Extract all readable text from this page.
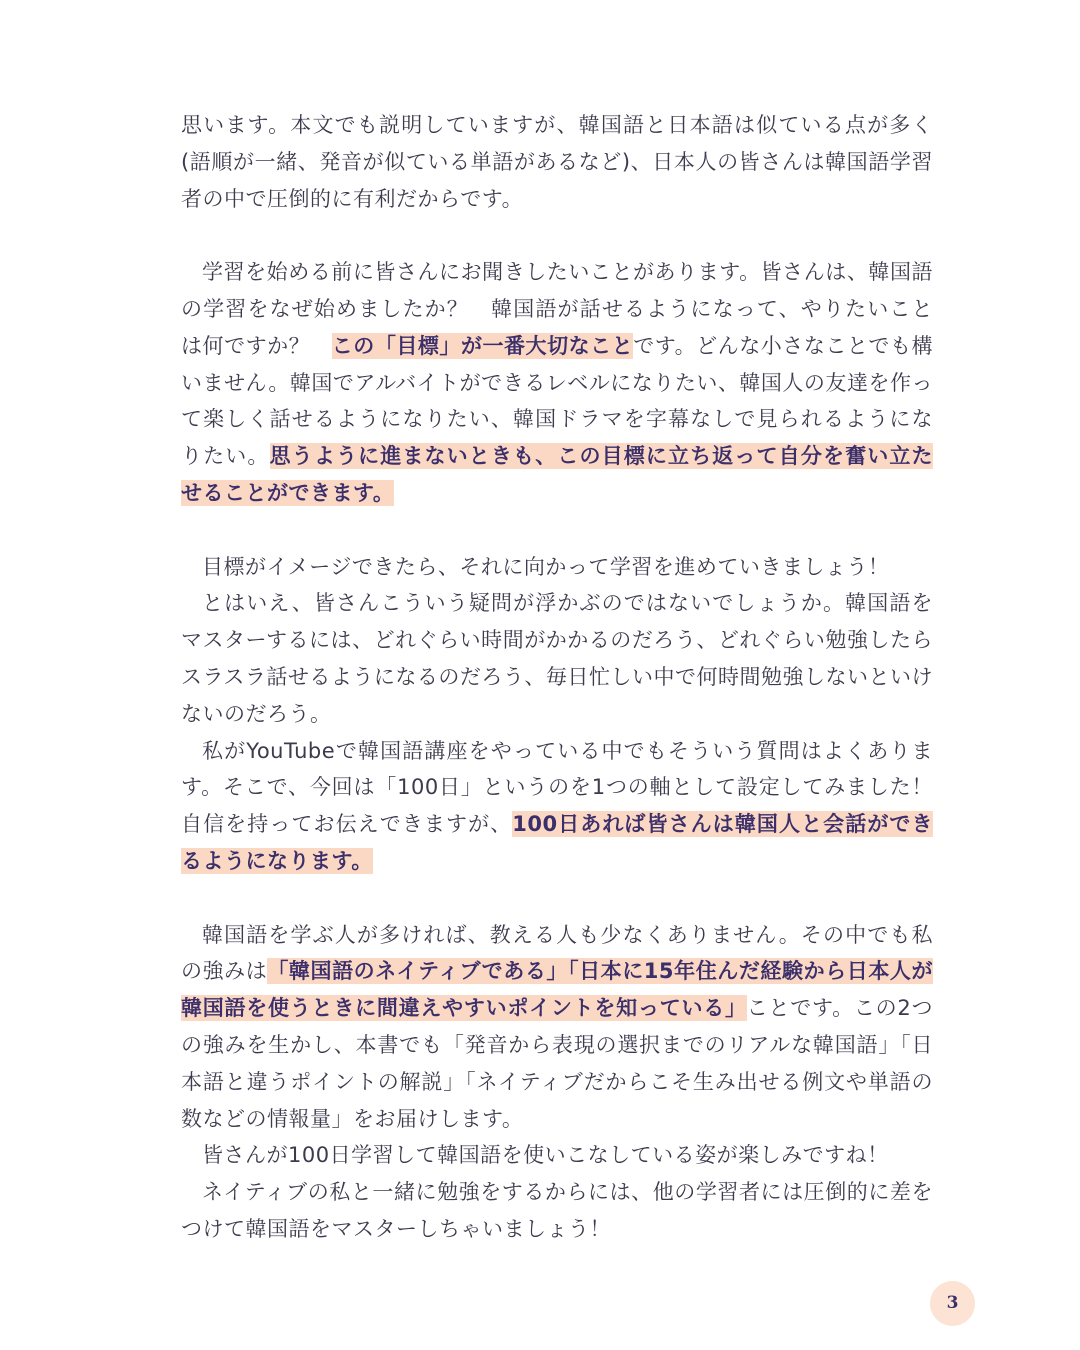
思います。本文でも説明していますが、韓国語と日本語は似ている点が多く(語順が一緒、発音が似ている単語があるなど)、日本人の皆さんは韓国語学習者の中で圧倒的に有利だからです。

学習を始める前に皆さんにお聞きしたいことがあります。皆さんは、韓国語の学習をなぜ始めましたか？　韓国語が話せるようになって、やりたいことは何ですか？　この「目標」が一番大切なことです。どんな小さなことでも構いません。韓国でアルバイトができるレベルになりたい、韓国人の友達を作って楽しく話せるようになりたい、韓国ドラマを字幕なしで見られるようになりたい。思うように進まないときも、この目標に立ち返って自分を奮い立たせることができます。

目標がイメージできたら、それに向かって学習を進めていきましょう！

とはいえ、皆さんこういう疑問が浮かぶのではないでしょうか。韓国語をマスターするには、どれぐらい時間がかかるのだろう、どれぐらい勉強したらスラスラ話せるようになるのだろう、毎日忙しい中で何時間勉強しないといけないのだろう。

私がYouTubeで韓国語講座をやっている中でもそういう質問はよくあります。そこで、今回は「100日」というのを1つの軸として設定してみました！　自信を持ってお伝えできますが、100日あれば皆さんは韓国人と会話ができるようになります。

韓国語を学ぶ人が多ければ、教える人も少なくありません。その中でも私の強みは「韓国語のネイティブである」「日本に15年住んだ経験から日本人が韓国語を使うときに間違えやすいポイントを知っている」ことです。この2つの強みを生かし、本書でも「発音から表現の選択までのリアルな韓国語」「日本語と違うポイントの解説」「ネイティブだからこそ生み出せる例文や単語の数などの情報量」をお届けします。

皆さんが100日学習して韓国語を使いこなしている姿が楽しみですね！

ネイティブの私と一緒に勉強をするからには、他の学習者には圧倒的に差をつけて韓国語をマスターしちゃいましょう！

3
